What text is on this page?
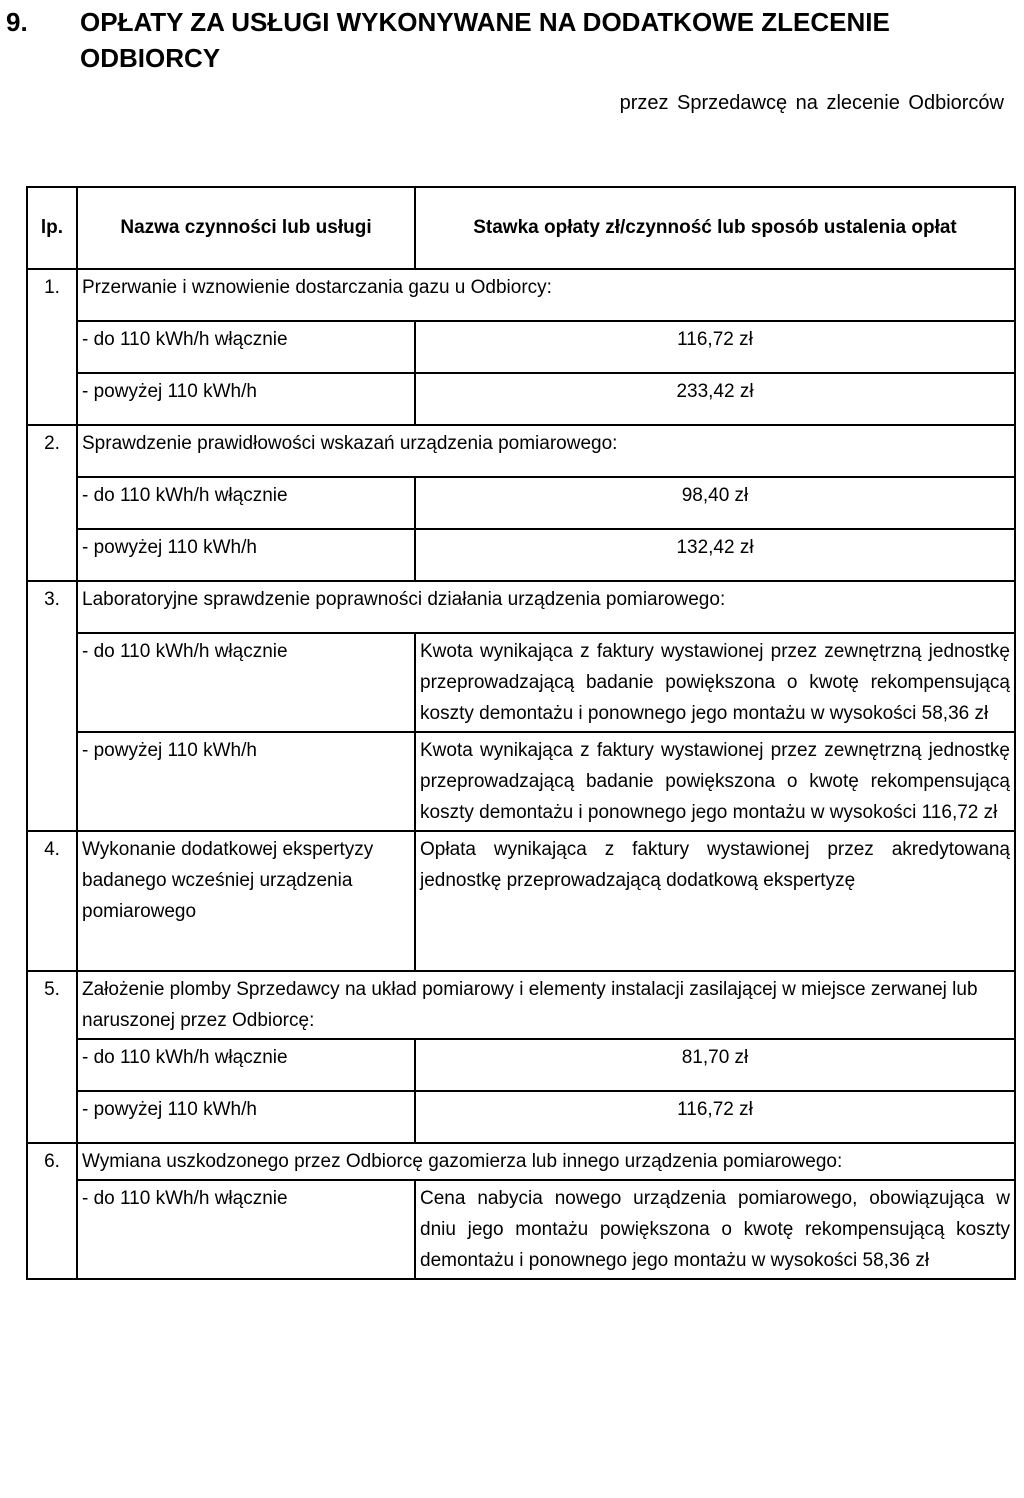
9. OPŁATY ZA USŁUGI WYKONYWANE NA DODATKOWE ZLECENIE
ODBIORCY
przez Sprzedawcę na zlecenie Odbiorców
lp.	Nazwa czynności lub usługi	Stawka opłaty zł/czynność lub sposób ustalenia opłat
1.	Przerwanie i wznowienie dostarczania gazu u Odbiorcy:	
	- do 110 kWh/h włącznie	116,72 zł
	- powyżej 110 kWh/h	233,42 zł
2.	Sprawdzenie prawidłowości wskazań urządzenia pomiarowego:	
	- do 110 kWh/h włącznie	98,40 zł
	- powyżej 110 kWh/h	132,42 zł
3.	Laboratoryjne sprawdzenie poprawności działania urządzenia pomiarowego:	
	- do 110 kWh/h włącznie	Kwota wynikająca z faktury wystawionej przez zewnętrzną jednostkę przeprowadzającą badanie powiększona o kwotę rekompensującą koszty demontażu i ponownego jego montażu w wysokości 58,36 zł
	- powyżej 110 kWh/h	Kwota wynikająca z faktury wystawionej przez zewnętrzną jednostkę przeprowadzającą badanie powiększona o kwotę rekompensującą koszty demontażu i ponownego jego montażu w wysokości 116,72 zł
4.	Wykonanie dodatkowej ekspertyzy badanego wcześniej urządzenia pomiarowego	Opłata wynikająca z faktury wystawionej przez akredytowaną jednostkę przeprowadzającą dodatkową ekspertyzę
5.	Założenie plomby Sprzedawcy na układ pomiarowy i elementy instalacji zasilającej w miejsce zerwanej lub naruszonej przez Odbiorcę:	
	- do 110 kWh/h włącznie	81,70 zł
	- powyżej 110 kWh/h	116,72 zł
6.	Wymiana uszkodzonego przez Odbiorcę gazomierza lub innego urządzenia pomiarowego:	
	- do 110 kWh/h włącznie	Cena nabycia nowego urządzenia pomiarowego, obowiązująca w dniu jego montażu powiększona o kwotę rekompensującą koszty demontażu i ponownego jego montażu w wysokości 58,36 zł
